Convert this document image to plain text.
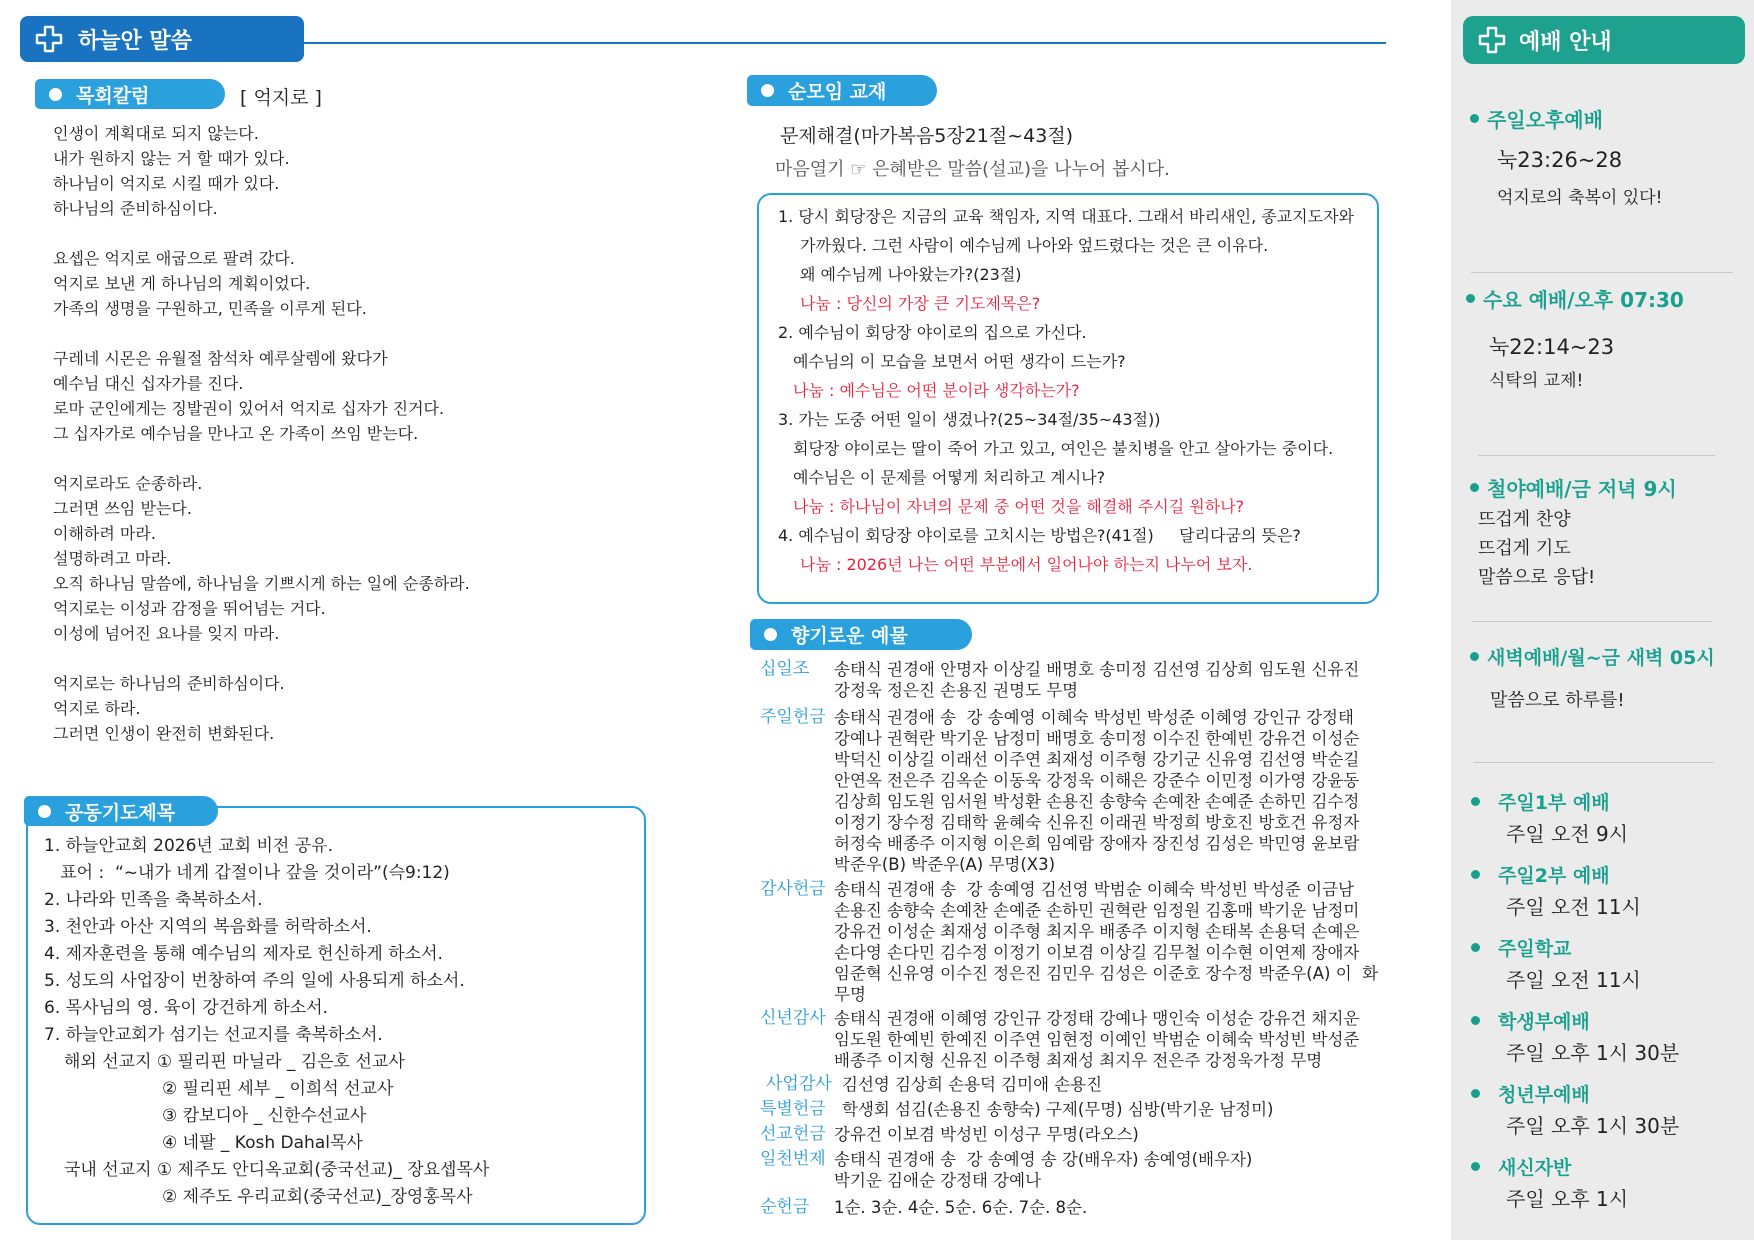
하늘안 말씀
목회칼럼	[ 억지로 ]
인생이 계획대로 되지 않는다.
내가 원하지 않는 거 할 때가 있다.
하나님이 억지로 시킬 때가 있다.
하나님의 준비하심이다.

요셉은 억지로 애굽으로 팔려 갔다.
억지로 보낸 게 하나님의 계획이었다.
가족의 생명을 구원하고, 민족을 이루게 된다.

구레네 시몬은 유월절 참석차 예루살렘에 왔다가
예수님 대신 십자가를 진다.
로마 군인에게는 징발권이 있어서 억지로 십자가 진거다.
그 십자가로 예수님을 만나고 온 가족이 쓰임 받는다.

억지로라도 순종하라.
그러면 쓰임 받는다.
이해하려 마라.
설명하려고 마라.
오직 하나님 말씀에, 하나님을 기쁘시게 하는 일에 순종하라.
억지로는 이성과 감정을 뛰어넘는 거다.
이성에 넘어진 요나를 잊지 마라.

억지로는 하나님의 준비하심이다.
억지로 하라.
그러면 인생이 완전히 변화된다.
공동기도제목
1. 하늘안교회 2026년 교회 비전 공유.
표어 :  “~내가 네게 갑절이나 갚을 것이라”(슥9:12)
2. 나라와 민족을 축복하소서.
3. 천안과 아산 지역의 복음화를 허락하소서.
4. 제자훈련을 통해 예수님의 제자로 헌신하게 하소서.
5. 성도의 사업장이 번창하여 주의 일에 사용되게 하소서.
6. 목사님의 영. 육이 강건하게 하소서.
7. 하늘안교회가 섬기는 선교지를 축복하소서.
해외 선교지 ① 필리핀 마닐라 _ 김은호 선교사
② 필리핀 세부 _ 이희석 선교사
③ 캄보디아 _ 신한수선교사
④ 네팔 _ Kosh Dahal목사
국내 선교지 ① 제주도 안디옥교회(중국선교)_ 장요셉목사
② 제주도 우리교회(중국선교)_장영홍목사
순모임 교재
문제해결(마가복음5장21절~43절)
마음열기 ☞ 은혜받은 말씀(설교)을 나누어 봅시다.
1. 당시 회당장은 지금의 교육 책임자, 지역 대표다. 그래서 바리새인, 종교지도자와
가까웠다. 그런 사람이 예수님께 나아와 엎드렸다는 것은 큰 이유다.
왜 예수님께 나아왔는가?(23절)
나눔 : 당신의 가장 큰 기도제목은?
2. 예수님이 회당장 야이로의 집으로 가신다.
예수님의 이 모습을 보면서 어떤 생각이 드는가?
나눔 : 예수님은 어떤 분이라 생각하는가?
3. 가는 도중 어떤 일이 생겼나?(25~34절/35~43절))
회당장 야이로는 딸이 죽어 가고 있고, 여인은 불치병을 안고 살아가는 중이다.
예수님은 이 문제를 어떻게 처리하고 계시나?
나눔 : 하나님이 자녀의 문제 중 어떤 것을 해결해 주시길 원하나?
4. 예수님이 회당장 야이로를 고치시는 방법은?(41절)     달리다굼의 뜻은?
나눔 : 2026년 나는 어떤 부분에서 일어나야 하는지 나누어 보자.
향기로운 예물
십일조 송태식 권경애 안명자 이상길 배명호 송미정 김선영 김상희 임도원 신유진
강정욱 정은진 손용진 권명도 무명
주일헌금 송태식 권경애 송  강 송예영 이혜숙 박성빈 박성준 이혜영 강인규 강정태
강예나 권혁란 박기운 남정미 배명호 송미정 이수진 한예빈 강유건 이성순
박덕신 이상길 이래선 이주연 최재성 이주형 강기군 신유영 김선영 박순길
안연옥 전은주 김옥순 이동욱 강정욱 이해은 강준수 이민정 이가영 강윤동
김상희 임도원 임서원 박성환 손용진 송향숙 손예찬 손예준 손하민 김수정
이정기 장수정 김태학 윤혜숙 신유진 이래권 박정희 방호진 방호건 유정자
허정숙 배종주 이지형 이은희 임예람 장애자 장진성 김성은 박민영 윤보람
박준우(B) 박준우(A) 무명(X3)
감사헌금 송태식 권경애 송  강 송예영 김선영 박범순 이혜숙 박성빈 박성준 이금남
손용진 송향숙 손예찬 손예준 손하민 권혁란 임정원 김홍매 박기운 남정미
강유건 이성순 최재성 이주형 최지우 배종주 이지형 손태복 손용덕 손예은
손다영 손다민 김수정 이정기 이보겸 이상길 김무철 이수현 이연제 장애자
임준혁 신유영 이수진 정은진 김민우 김성은 이준호 장수정 박준우(A) 이  화
무명
신년감사 송태식 권경애 이혜영 강인규 강정태 강예나 맹인숙 이성순 강유건 채지운
임도원 한예빈 한예진 이주연 임현정 이예인 박범순 이혜숙 박성빈 박성준
배종주 이지형 신유진 이주형 최재성 최지우 전은주 강정욱가정 무명
사업감사 김선영 김상희 손용덕 김미애 손용진
특별헌금 학생회 섬김(손용진 송향숙) 구제(무명) 심방(박기운 남정미)
선교헌금 강유건 이보겸 박성빈 이성구 무명(라오스)
일천번제 송태식 권경애 송  강 송예영 송 강(배우자) 송예영(배우자)
박기운 김애순 강정태 강예나
순헌금 1순. 3순. 4순. 5순. 6순. 7순. 8순.
예배 안내
주일오후예배
눅23:26~28
억지로의 축복이 있다!
수요 예배/오후 07:30
눅22:14~23
식탁의 교제!
철야예배/금 저녁 9시
뜨겁게 찬양
뜨겁게 기도
말씀으로 응답!
새벽예배/월~금 새벽 05시
말씀으로 하루를!
주일1부 예배
주일 오전 9시
주일2부 예배
주일 오전 11시
주일학교
주일 오전 11시
학생부예배
주일 오후 1시 30분
청년부예배
주일 오후 1시 30분
새신자반
주일 오후 1시
